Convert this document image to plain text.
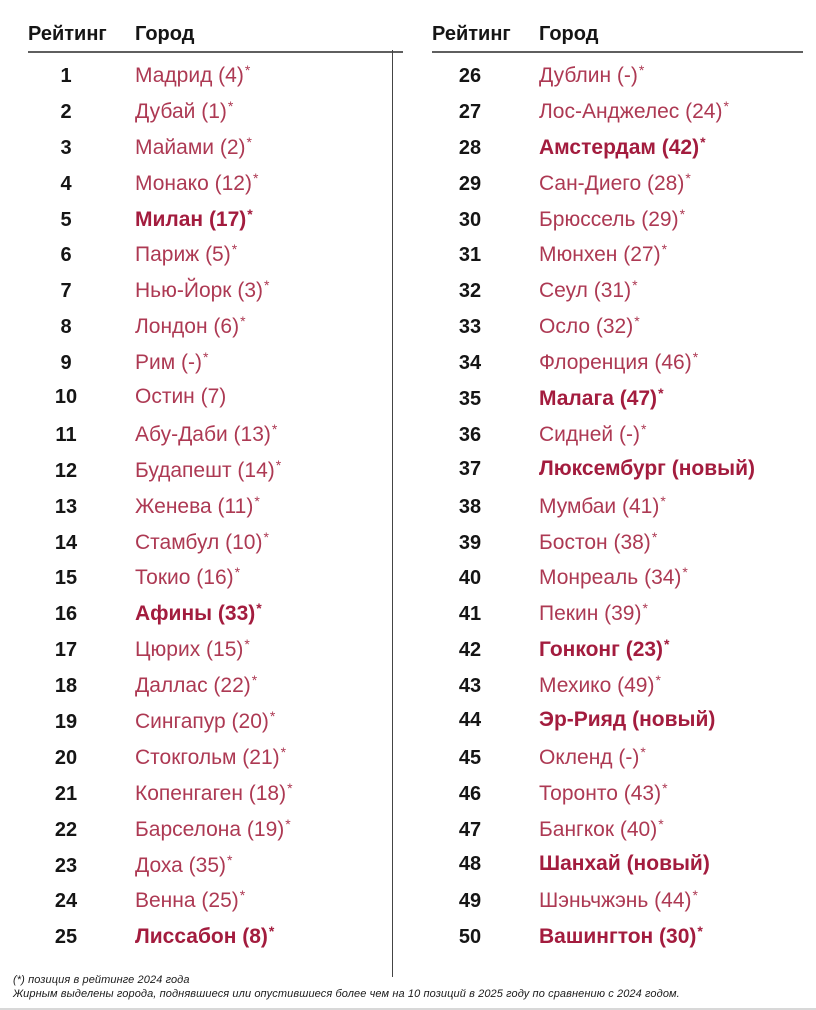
Рейтинг	Город
1	Мадрид (4)*
2	Дубай (1)*
3	Майами (2)*
4	Монако (12)*
5	Милан (17)*
6	Париж (5)*
7	Нью-Йорк (3)*
8	Лондон (6)*
9	Рим (-)*
10	Остин (7)
11	Абу-Даби (13)*
12	Будапешт (14)*
13	Женева (11)*
14	Стамбул (10)*
15	Токио (16)*
16	Афины (33)*
17	Цюрих (15)*
18	Даллас (22)*
19	Сингапур (20)*
20	Стокгольм (21)*
21	Копенгаген (18)*
22	Барселона (19)*
23	Доха (35)*
24	Венна (25)*
25	Лиссабон (8)*
Рейтинг	Город
26	Дублин (-)*
27	Лос-Анджелес (24)*
28	Амстердам (42)*
29	Сан-Диего (28)*
30	Брюссель (29)*
31	Мюнхен (27)*
32	Сеул (31)*
33	Осло (32)*
34	Флоренция (46)*
35	Малага (47)*
36	Сидней (-)*
37	Люксембург (новый)
38	Мумбаи (41)*
39	Бостон (38)*
40	Монреаль (34)*
41	Пекин (39)*
42	Гонконг (23)*
43	Мехико (49)*
44	Эр-Рияд (новый)
45	Окленд (-)*
46	Торонто (43)*
47	Бангкок (40)*
48	Шанхай (новый)
49	Шэньчжэнь (44)*
50	Вашингтон (30)*
(*) позиция в рейтинге 2024 года
Жирным выделены города, поднявшиеся или опустившиеся более чем на 10 позиций в 2025 году по сравнению с 2024 годом.
